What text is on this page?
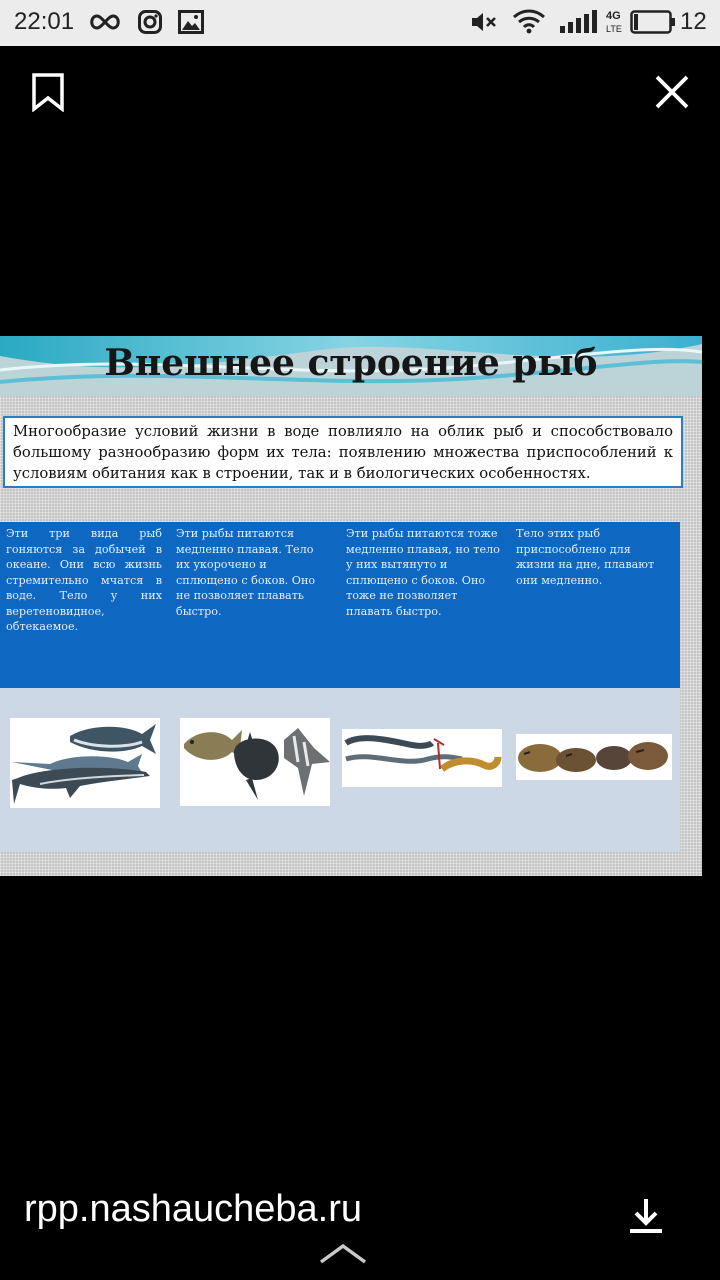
22:01	4G
LTE 12
Внешнее строение рыб
Многообразие условий жизни в воде повлияло на облик рыб и способствовало большому разнообразию форм их тела: появлению множества приспособлений к условиям обитания как в строении, так и в биологических особенностях.
Эти три вида рыб гоняются за добычей в океане. Они всю жизнь стремительно мчатся в воде. Тело у них веретеновидное, обтекаемое.
Эти рыбы питаются медленно плавая. Тело их укорочено и сплющено с боков. Оно не позволяет плавать быстро.
Эти рыбы питаются тоже медленно плавая, но тело у них вытянуто и сплющено с боков. Оно тоже не позволяет плавать быстро.
Тело этих рыб приспособлено для жизни на дне, плавают они медленно.
rpp.nashaucheba.ru
